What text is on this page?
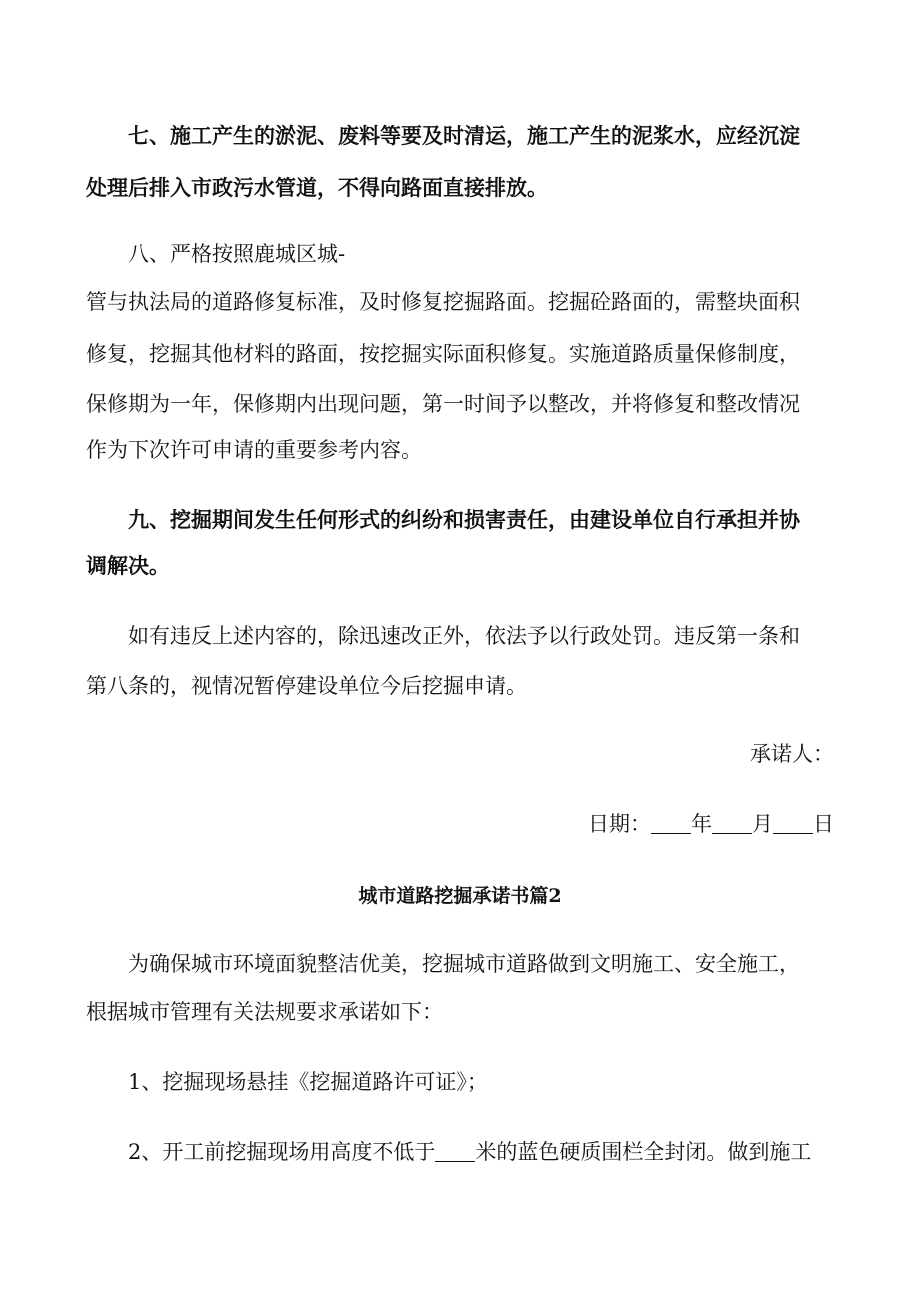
七、施工产生的淤泥、废料等要及时清运，施工产生的泥浆水，应经沉淀
处理后排入市政污水管道，不得向路面直接排放。
八、严格按照鹿城区城-
管与执法局的道路修复标准，及时修复挖掘路面。挖掘砼路面的，需整块面积
修复，挖掘其他材料的路面，按挖掘实际面积修复。实施道路质量保修制度，
保修期为一年，保修期内出现问题，第一时间予以整改，并将修复和整改情况
作为下次许可申请的重要参考内容。
九、挖掘期间发生任何形式的纠纷和损害责任，由建设单位自行承担并协
调解决。
如有违反上述内容的，除迅速改正外，依法予以行政处罚。违反第一条和
第八条的，视情况暂停建设单位今后挖掘申请。
承诺人：
日期： 年 月 日
城市道路挖掘承诺书篇2
为确保城市环境面貌整洁优美，挖掘城市道路做到文明施工、安全施工，
根据城市管理有关法规要求承诺如下：
1、挖掘现场悬挂《挖掘道路许可证》；
2、开工前挖掘现场用高度不低于 米的蓝色硬质围栏全封闭。做到施工
